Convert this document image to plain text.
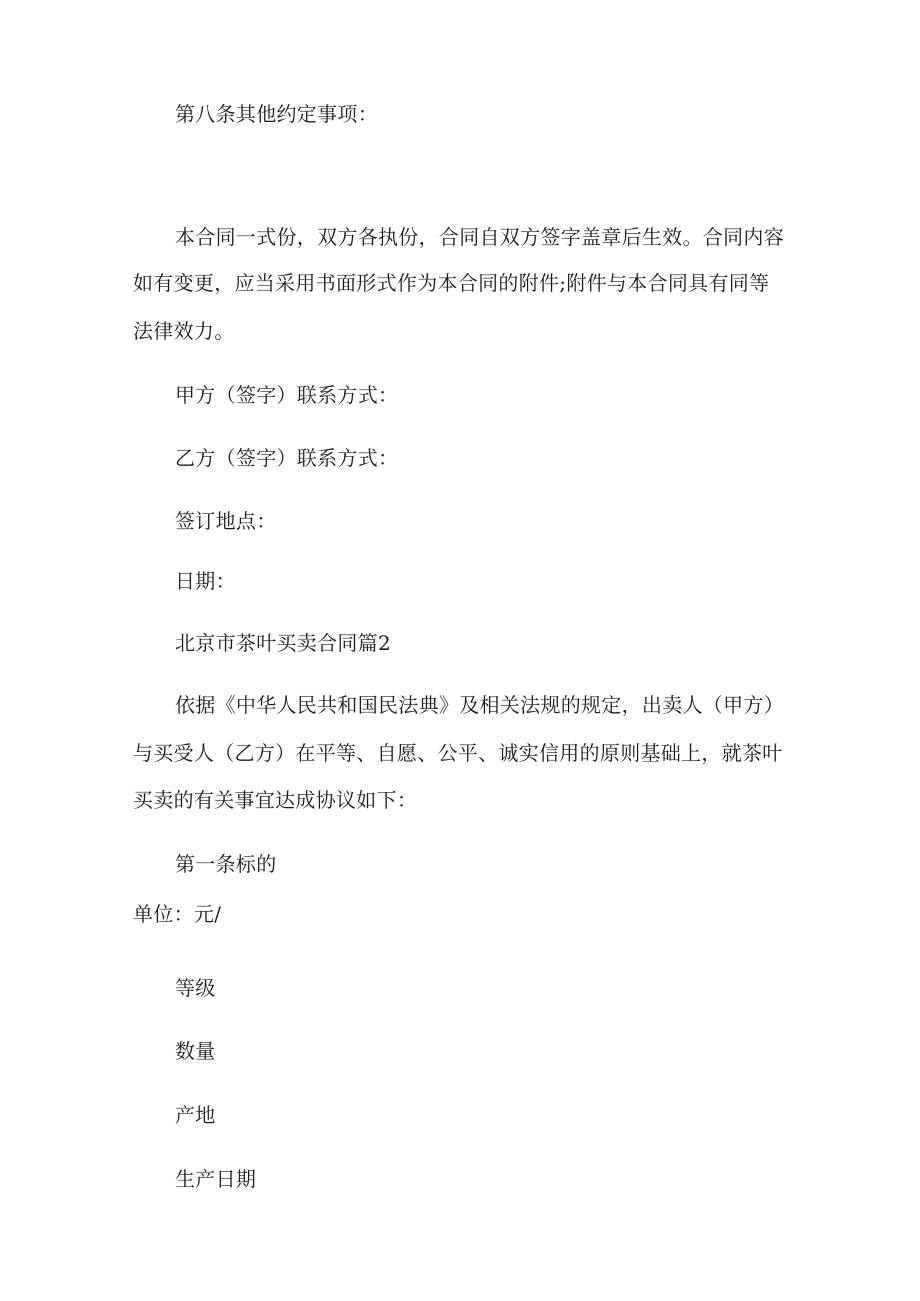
第八条其他约定事项：

本合同一式份，双方各执份，合同自双方签字盖章后生效。合同内容

如有变更，应当采用书面形式作为本合同的附件;附件与本合同具有同等

法律效力。

甲方（签字）联系方式：

乙方（签字）联系方式：

签订地点：

日期：

北京市茶叶买卖合同篇2

依据《中华人民共和国民法典》及相关法规的规定，出卖人（甲方）

与买受人（乙方）在平等、自愿、公平、诚实信用的原则基础上，就茶叶

买卖的有关事宜达成协议如下：

第一条标的

单位：元/

等级

数量

产地

生产日期
